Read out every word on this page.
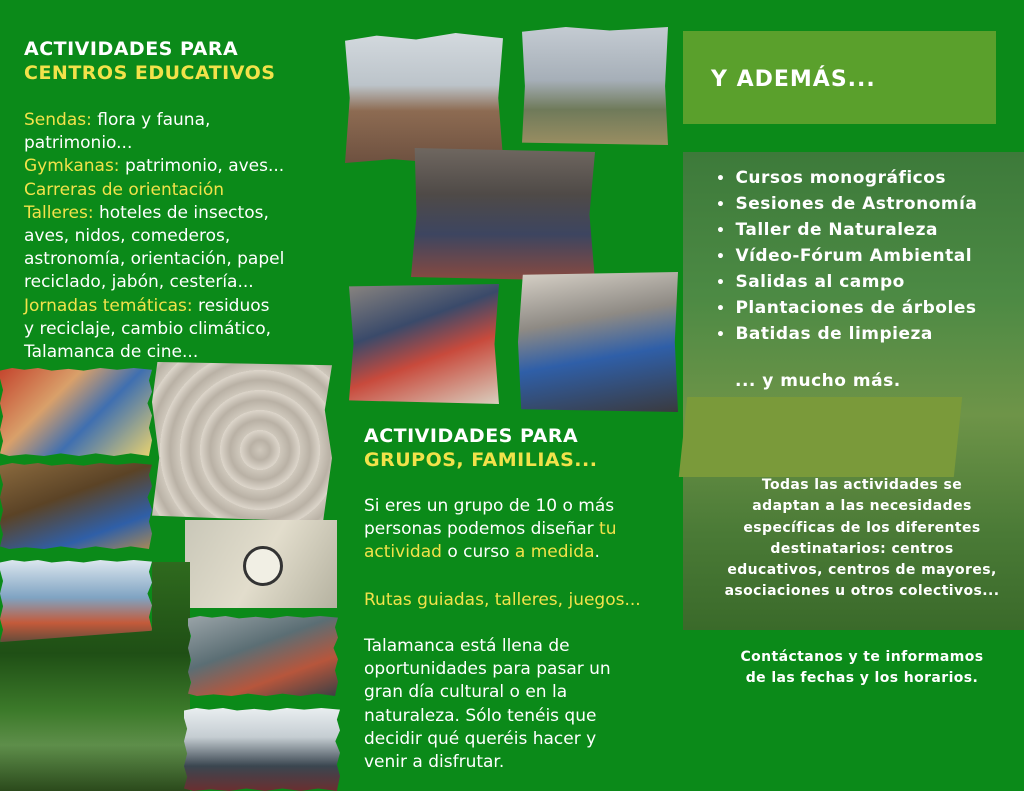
ACTIVIDADES PARA
CENTROS EDUCATIVOS
Sendas: flora y fauna,
patrimonio...
Gymkanas: patrimonio, aves...
Carreras de orientación
Talleres: hoteles de insectos,
aves, nidos, comederos,
astronomía, orientación, papel
reciclado, jabón, cestería...
Jornadas temáticas: residuos
y reciclaje, cambio climático,
Talamanca de cine...
ACTIVIDADES PARA
GRUPOS, FAMILIAS...
Si eres un grupo de 10 o más
personas podemos diseñar tu
actividad o curso a medida.
Rutas guiadas, talleres, juegos...
Talamanca está llena de
oportunidades para pasar un
gran día cultural o en la
naturaleza. Sólo tenéis que
decidir qué queréis hacer y
venir a disfrutar.
Y ADEMÁS...
• Cursos monográficos
• Sesiones de Astronomía
• Taller de Naturaleza
• Vídeo-Fórum Ambiental
• Salidas al campo
• Plantaciones de árboles
• Batidas de limpieza
... y mucho más.
Todas las actividades se
adaptan a las necesidades
específicas de los diferentes
destinatarios: centros
educativos, centros de mayores,
asociaciones u otros colectivos...
Contáctanos y te informamos
de las fechas y los horarios.
